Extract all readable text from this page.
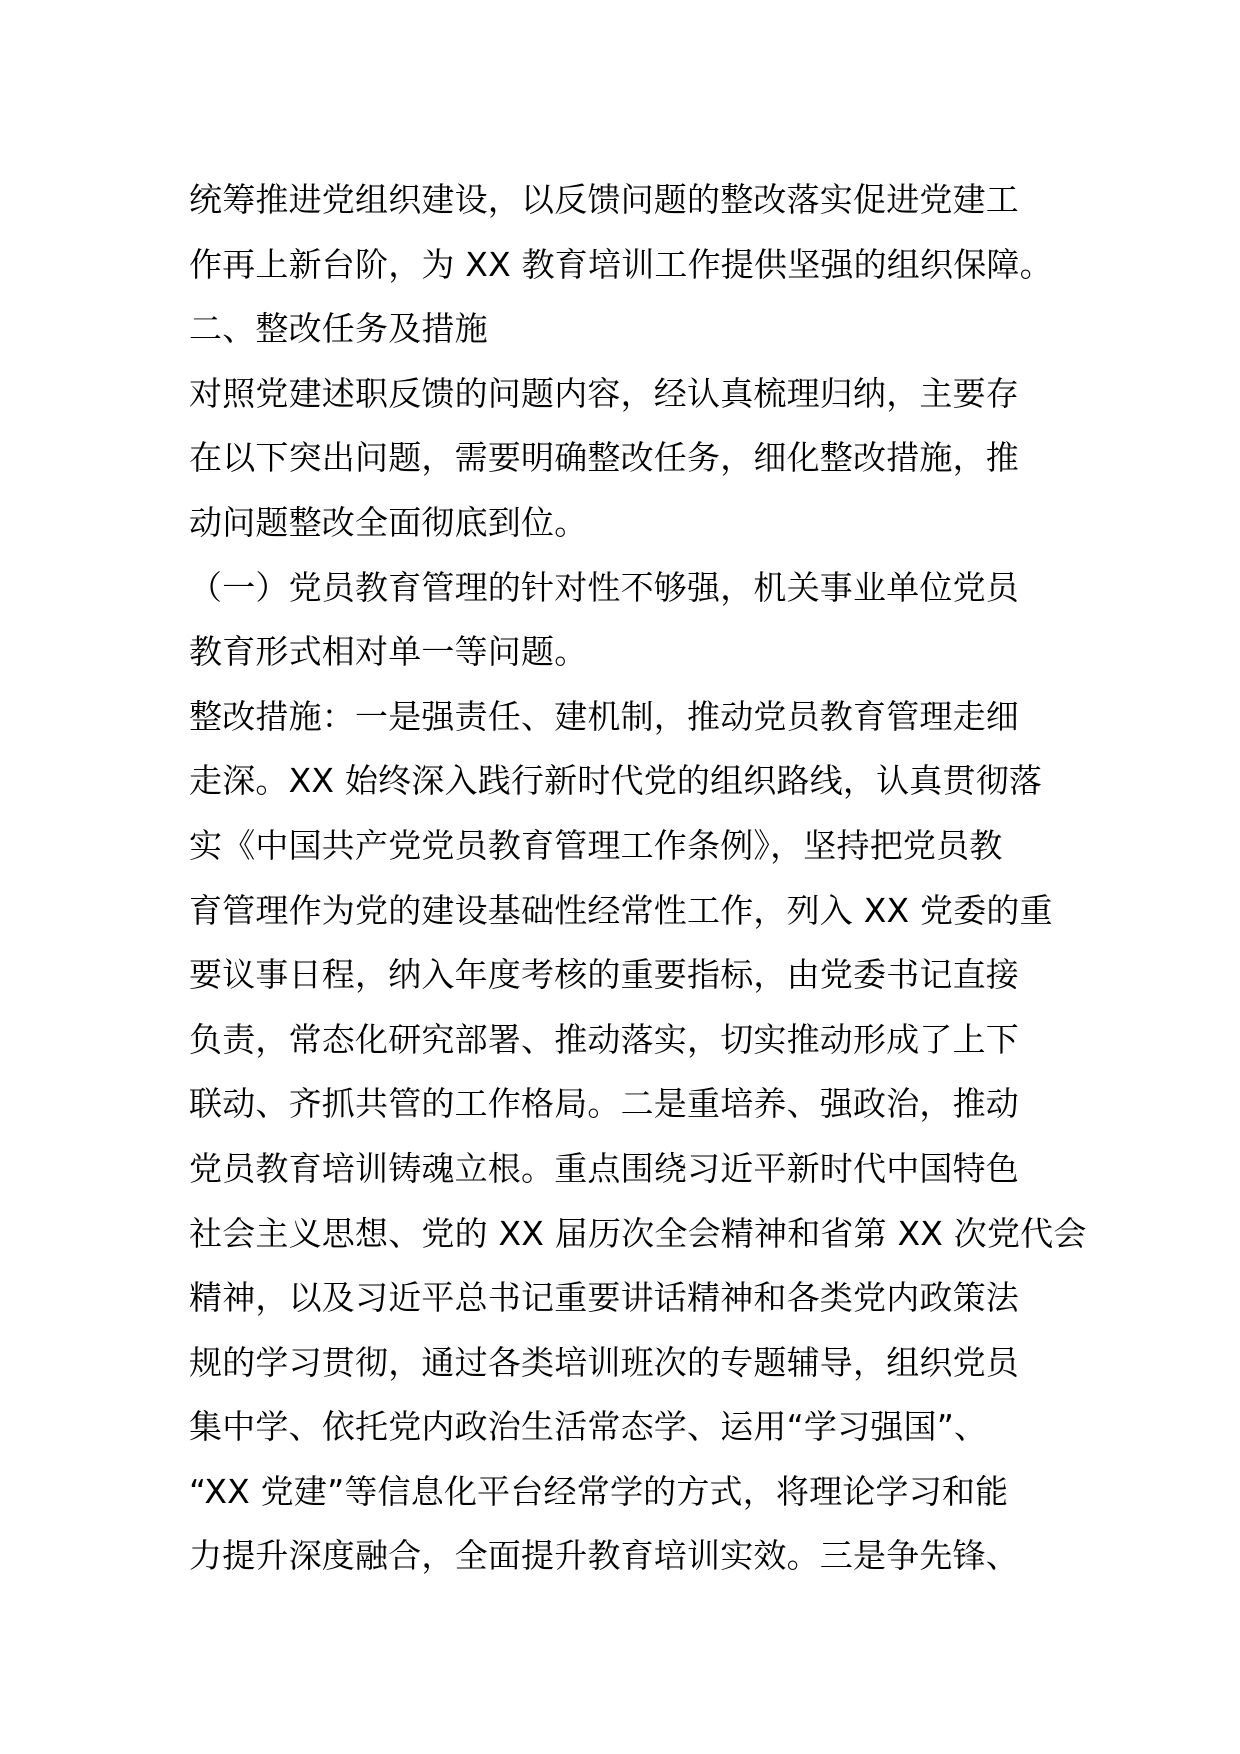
统筹推进党组织建设，以反馈问题的整改落实促进党建工
作再上新台阶，为 XX 教育培训工作提供坚强的组织保障。
二、整改任务及措施
对照党建述职反馈的问题内容，经认真梳理归纳，主要存
在以下突出问题，需要明确整改任务，细化整改措施，推
动问题整改全面彻底到位。
（一）党员教育管理的针对性不够强，机关事业单位党员
教育形式相对单一等问题。
整改措施：一是强责任、建机制，推动党员教育管理走细
走深。XX 始终深入践行新时代党的组织路线，认真贯彻落
实《中国共产党党员教育管理工作条例》，坚持把党员教
育管理作为党的建设基础性经常性工作，列入 XX 党委的重
要议事日程，纳入年度考核的重要指标，由党委书记直接
负责，常态化研究部署、推动落实，切实推动形成了上下
联动、齐抓共管的工作格局。二是重培养、强政治，推动
党员教育培训铸魂立根。重点围绕习近平新时代中国特色
社会主义思想、党的 XX 届历次全会精神和省第 XX 次党代会
精神，以及习近平总书记重要讲话精神和各类党内政策法
规的学习贯彻，通过各类培训班次的专题辅导，组织党员
集中学、依托党内政治生活常态学、运用“学习强国”、
“XX 党建”等信息化平台经常学的方式，将理论学习和能
力提升深度融合，全面提升教育培训实效。三是争先锋、
